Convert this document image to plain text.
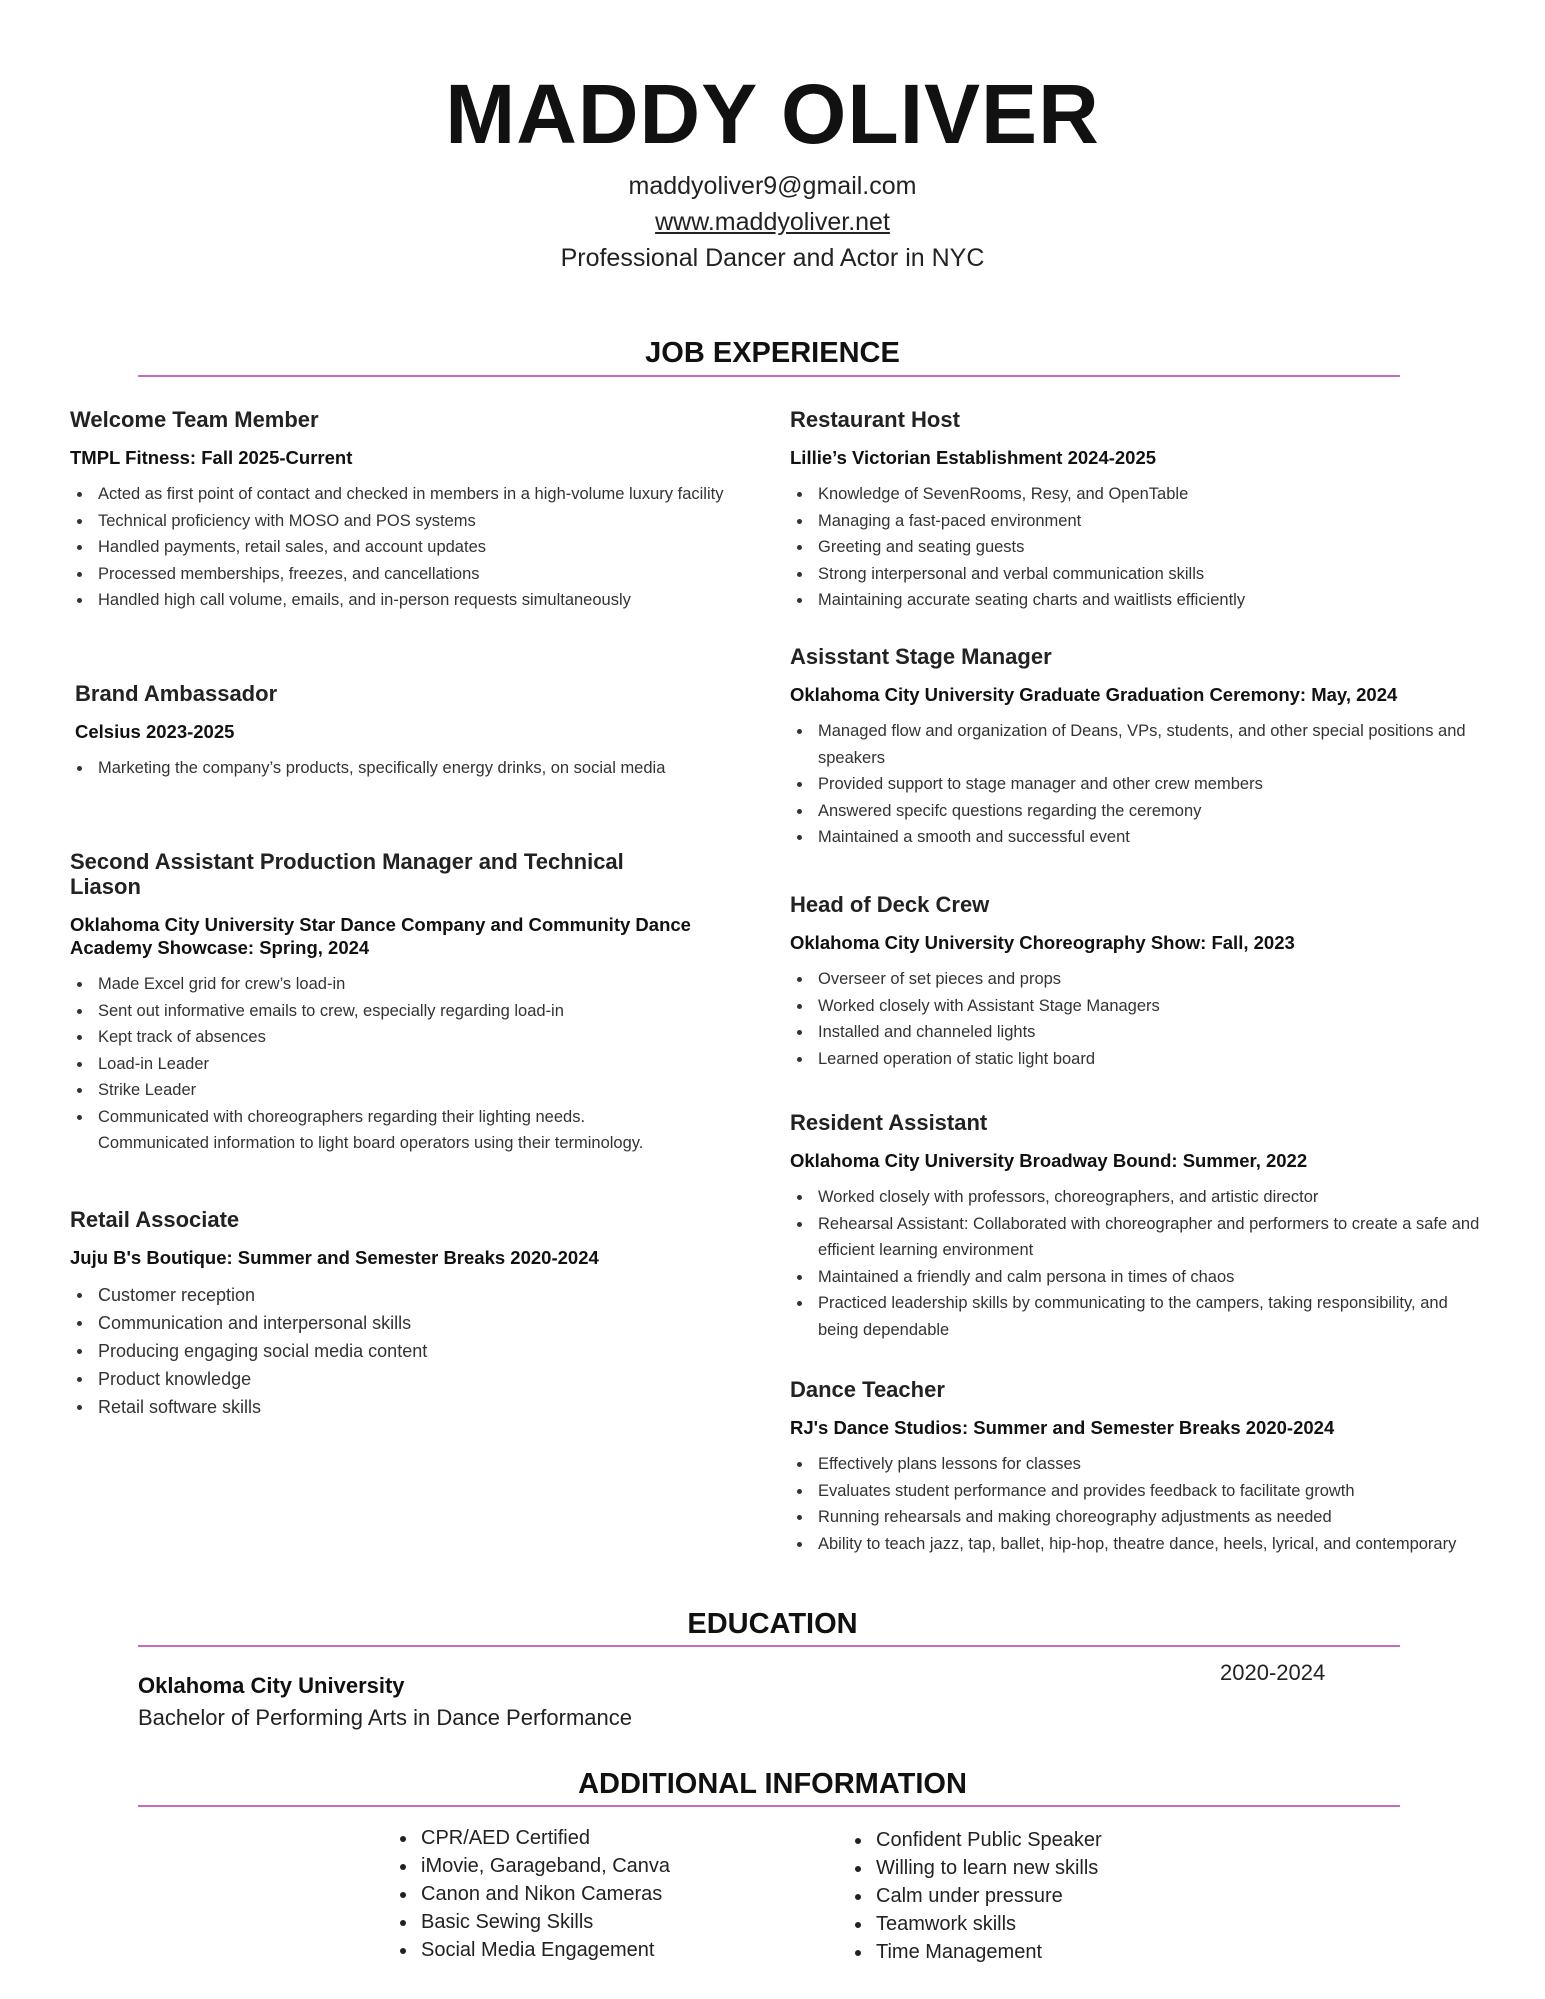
MADDY OLIVER
maddyoliver9@gmail.com
www.maddyoliver.net
Professional Dancer and Actor in NYC
JOB EXPERIENCE
Welcome Team Member
TMPL Fitness: Fall 2025-Current
Acted as first point of contact and checked in members in a high-volume luxury facility
Technical proficiency with MOSO and POS systems
Handled payments, retail sales, and account updates
Processed memberships, freezes, and cancellations
Handled high call volume, emails, and in-person requests simultaneously
Brand Ambassador
Celsius 2023-2025
Marketing the company’s products, specifically energy drinks, on social media
Second Assistant Production Manager and Technical Liason
Oklahoma City University Star Dance Company and Community Dance Academy Showcase: Spring, 2024
Made Excel grid for crew’s load-in
Sent out informative emails to crew, especially regarding load-in
Kept track of absences
Load-in Leader
Strike Leader
Communicated with choreographers regarding their lighting needs. Communicated information to light board operators using their terminology.
Retail Associate
Juju B's Boutique: Summer and Semester Breaks 2020-2024
Customer reception
Communication and interpersonal skills
Producing engaging social media content
Product knowledge
Retail software skills
Restaurant Host
Lillie’s Victorian Establishment 2024-2025
Knowledge of SevenRooms, Resy, and OpenTable
Managing a fast-paced environment
Greeting and seating guests
Strong interpersonal and verbal communication skills
Maintaining accurate seating charts and waitlists efficiently
Asisstant Stage Manager
Oklahoma City University Graduate Graduation Ceremony: May, 2024
Managed flow and organization of Deans, VPs, students, and other special positions and speakers
Provided support to stage manager and other crew members
Answered specifc questions regarding the ceremony
Maintained a smooth and successful event
Head of Deck Crew
Oklahoma City University Choreography Show: Fall, 2023
Overseer of set pieces and props
Worked closely with Assistant Stage Managers
Installed and channeled lights
Learned operation of static light board
Resident Assistant
Oklahoma City University Broadway Bound: Summer, 2022
Worked closely with professors, choreographers, and artistic director
Rehearsal Assistant: Collaborated with choreographer and performers to create a safe and efficient learning environment
Maintained a friendly and calm persona in times of chaos
Practiced leadership skills by communicating to the campers, taking responsibility, and being dependable
Dance Teacher
RJ's Dance Studios: Summer and Semester Breaks 2020-2024
Effectively plans lessons for classes
Evaluates student performance and provides feedback to facilitate growth
Running rehearsals and making choreography adjustments as needed
Ability to teach jazz, tap, ballet, hip-hop, theatre dance, heels, lyrical, and contemporary
EDUCATION
Oklahoma City University
Bachelor of Performing Arts in Dance Performance
2020-2024
ADDITIONAL INFORMATION
CPR/AED Certified
iMovie, Garageband, Canva
Canon and Nikon Cameras
Basic Sewing Skills
Social Media Engagement
Confident Public Speaker
Willing to learn new skills
Calm under pressure
Teamwork skills
Time Management
